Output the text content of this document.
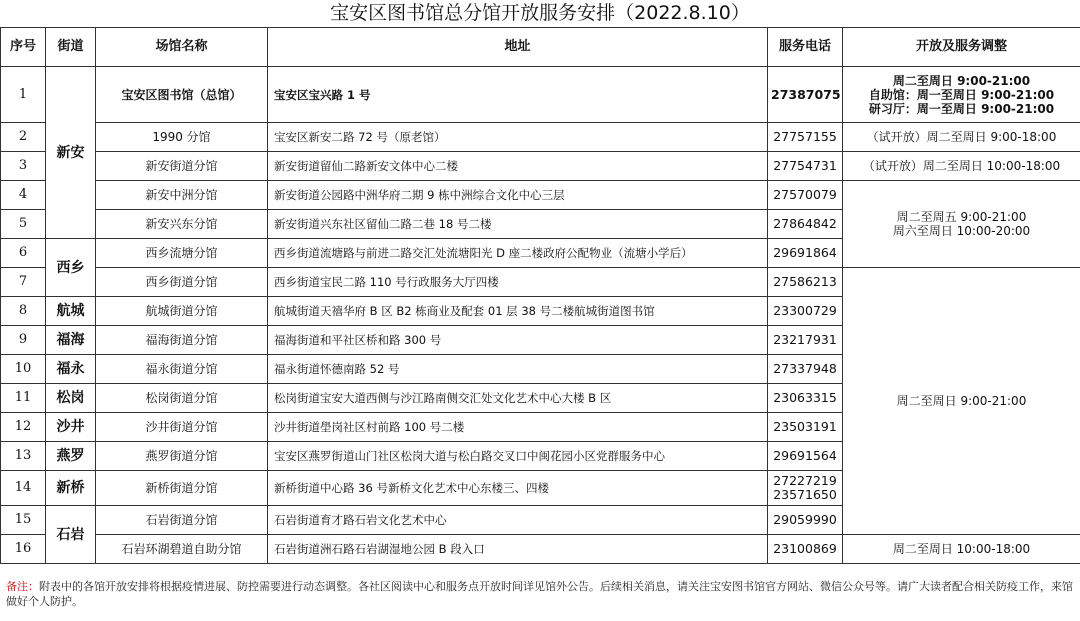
宝安区图书馆总分馆开放服务安排（2022.8.10）
序号	街道	场馆名称	地址	服务电话	开放及服务调整
1	新安	宝安区图书馆（总馆）	宝安区宝兴路 1 号	27387075	周二至周日 9:00-21:00
自助馆：周一至周日 9:00-21:00
研习厅：周一至周日 9:00-21:00

2		1990 分馆	宝安区新安二路 72 号（原老馆）	27757155	（试开放）周二至周日 9:00-18:00
3		新安街道分馆	新安街道留仙二路新安文体中心二楼	27754731	（试开放）周二至周日 10:00-18:00
4		新安中洲分馆	新安街道公园路中洲华府二期 9 栋中洲综合文化中心三层	27570079	周二至周五 9:00-21:00
周六至周日 10:00-20:00

5		新安兴东分馆	新安街道兴东社区留仙二路二巷 18 号二楼	27864842	
6	西乡	西乡流塘分馆	西乡街道流塘路与前进二路交汇处流塘阳光 D 座二楼政府公配物业（流塘小学后）	29691864	
7		西乡街道分馆	西乡街道宝民二路 110 号行政服务大厅四楼	27586213	周二至周日 9:00-21:00
8	航城	航城街道分馆	航城街道天禧华府 B 区 B2 栋商业及配套 01 层 38 号二楼航城街道图书馆	23300729	
9	福海	福海街道分馆	福海街道和平社区桥和路 300 号	23217931	
10	福永	福永街道分馆	福永街道怀德南路 52 号	27337948	
11	松岗	松岗街道分馆	松岗街道宝安大道西侧与沙江路南侧交汇处文化艺术中心大楼 B 区	23063315	
12	沙井	沙井街道分馆	沙井街道壆岗社区村前路 100 号二楼	23503191	
13	燕罗	燕罗街道分馆	宝安区燕罗街道山门社区松岗大道与松白路交叉口中闽花园小区党群服务中心	29691564	
14	新桥	新桥街道分馆	新桥街道中心路 36 号新桥文化艺术中心东楼三、四楼	27227219
23571650	

15	石岩	石岩街道分馆	石岩街道育才路石岩文化艺术中心	29059990	
16		石岩环湖碧道自助分馆	石岩街道洲石路石岩湖湿地公园 B 段入口	23100869	周二至周日 10:00-18:00
备注：附表中的各馆开放安排将根据疫情进展、防控需要进行动态调整。各社区阅读中心和服务点开放时间详见馆外公告。后续相关消息，请关注宝安图书馆官方网站、微信公众号等。请广大读者配合相关防疫工作，来馆做好个人防护。
